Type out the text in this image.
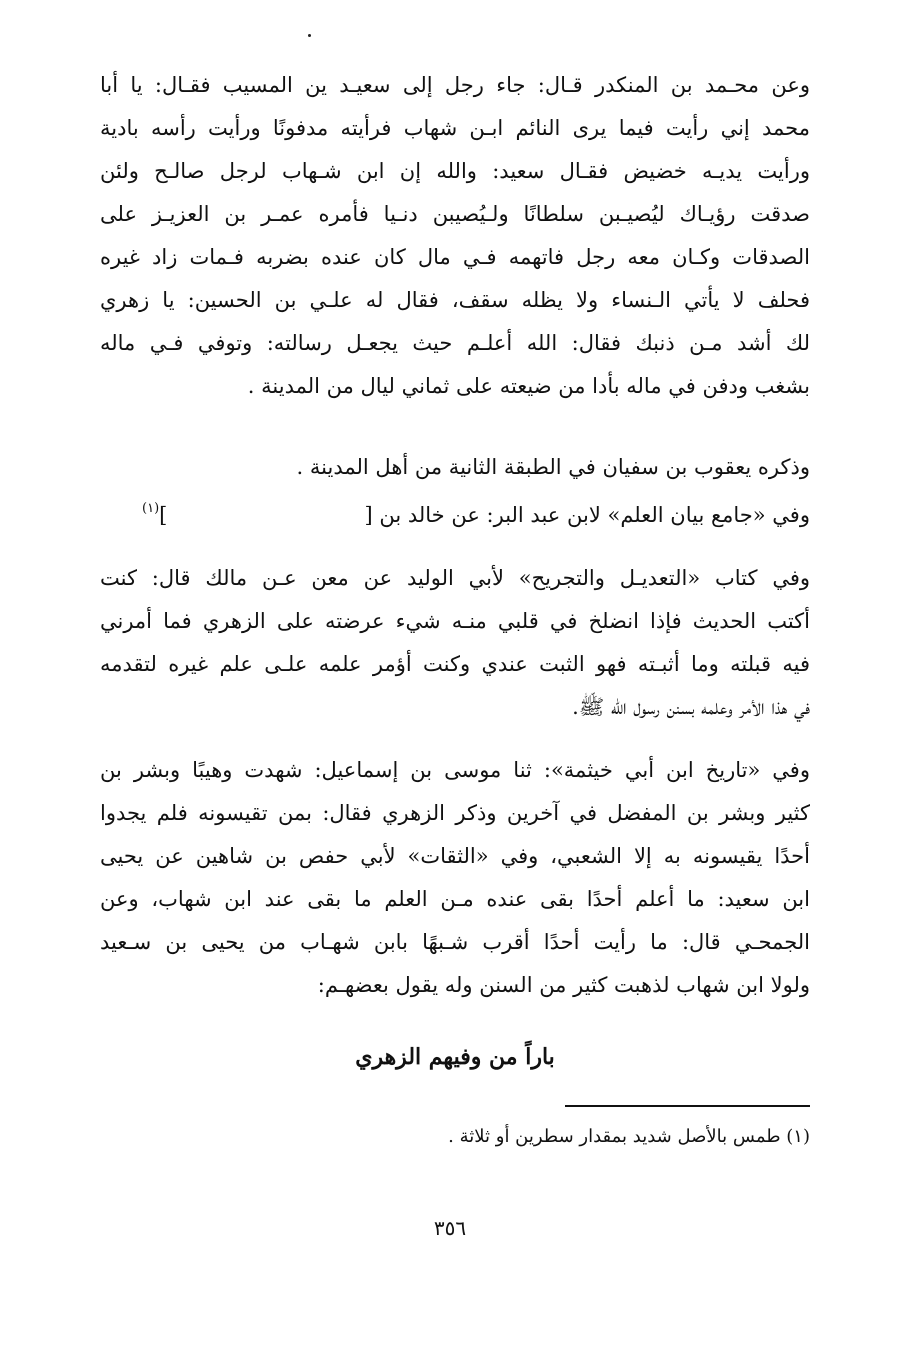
وعن محـمد بن المنكدر قـال: جاء رجل إلى سعيـد ين المسيب فقـال: يا أبا
محمد إني رأيت فيما يرى النائم ابـن شهاب فرأيته مدفونًا ورأيت رأسه بادية
ورأيت يديـه خضيض فقـال سعيد: والله إن ابن شـهاب لرجل صالـح ولئن
صدقت رؤيـاك ليُصيـبن سلطانًا ولـيُصيبن دنـيا فأمره عمـر بن العزيـز على
الصدقات وكـان معه رجل فاتهمه فـي مال كان عنده بضربه فـمات زاد غيره
فحلف لا يأتي الـنساء ولا يظله سقف، فقال له علـي بن الحسين: يا زهري
لك أشد مـن ذنبك فقال: الله أعلـم حيث يجعـل رسالته: وتوفي فـي ماله
بشغب ودفن في ماله بأدا من ضيعته على ثماني ليال من المدينة .
وذكره يعقوب بن سفيان في الطبقة الثانية من أهل المدينة .
وفي «جامع بيان العلم» لابن عبد البر: عن خالد بن [
]$^{(١)}$
وفي كتاب «التعديـل والتجريح» لأبي الوليد عن معن عـن مالك قال: كنت
أكتب الحديث فإذا انضلخ في قلبي منـه شيء عرضته على الزهري فما أمرني
فيه قبلته وما أثبـته فهو الثبت عندي وكنت أؤمر علمه علـى علم غيره لتقدمه
في هذا الأمر وعلمه بسنن رسول الله ﷺ.
وفي «تاريخ ابن أبي خيثمة»: ثنا موسى بن إسماعيل: شهدت وهيبًا وبشر بن
كثير وبشر بن المفضل في آخرين وذكر الزهري فقال: بمن تقيسونه فلم يجدوا
أحدًا يقيسونه به إلا الشعبي، وفي «الثقات» لأبي حفص بن شاهين عن يحيى
ابن سعيد: ما أعلم أحدًا بقى عنده مـن العلم ما بقى عند ابن شهاب، وعن
الجمحـي قال: ما رأيت أحدًا أقرب شـبهًا بابن شهـاب من يحيى بن سـعيد
ولولا ابن شهاب لذهبت كثير من السنن وله يقول بعضهـم:
باراً من وفيهم الزهري
(١) طمس بالأصل شديد بمقدار سطرين أو ثلاثة .
٣٥٦
